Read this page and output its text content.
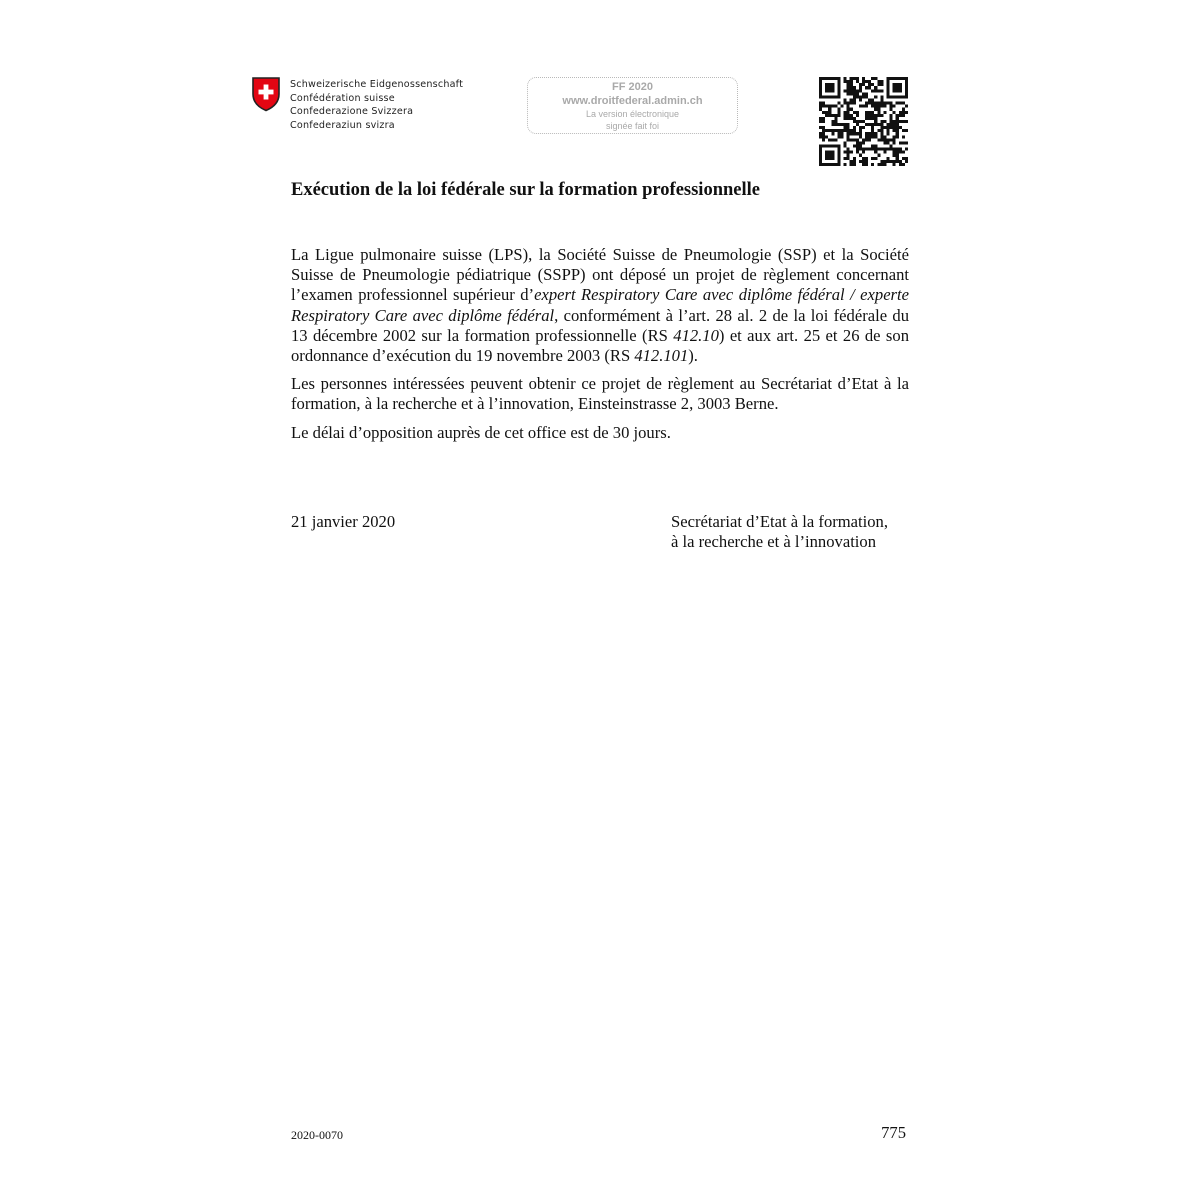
Schweizerische Eidgenossenschaft
Confédération suisse
Confederazione Svizzera
Confederaziun svizra
FF 2020
www.droitfederal.admin.ch
La version électronique
signée fait foi
Exécution de la loi fédérale sur la formation professionnelle

La Ligue pulmonaire suisse (LPS), la Société Suisse de Pneumologie (SSP) et la Société Suisse de Pneumologie pédiatrique (SSPP) ont déposé un projet de règlement concernant l’examen professionnel supérieur d’expert Respiratory Care avec diplôme fédéral / experte Respiratory Care avec diplôme fédéral, conformément à l’art. 28 al. 2 de la loi fédérale du 13 décembre 2002 sur la formation professionnelle (RS 412.10) et aux art. 25 et 26 de son ordonnance d’exécution du 19 novembre 2003 (RS 412.101).

Les personnes intéressées peuvent obtenir ce projet de règlement au Secrétariat d’Etat à la formation, à la recherche et à l’innovation, Einsteinstrasse 2, 3003 Berne.

Le délai d’opposition auprès de cet office est de 30 jours.

21 janvier 2020	Secrétariat d’Etat à la formation,
à la recherche et à l’innovation
2020-0070	775
